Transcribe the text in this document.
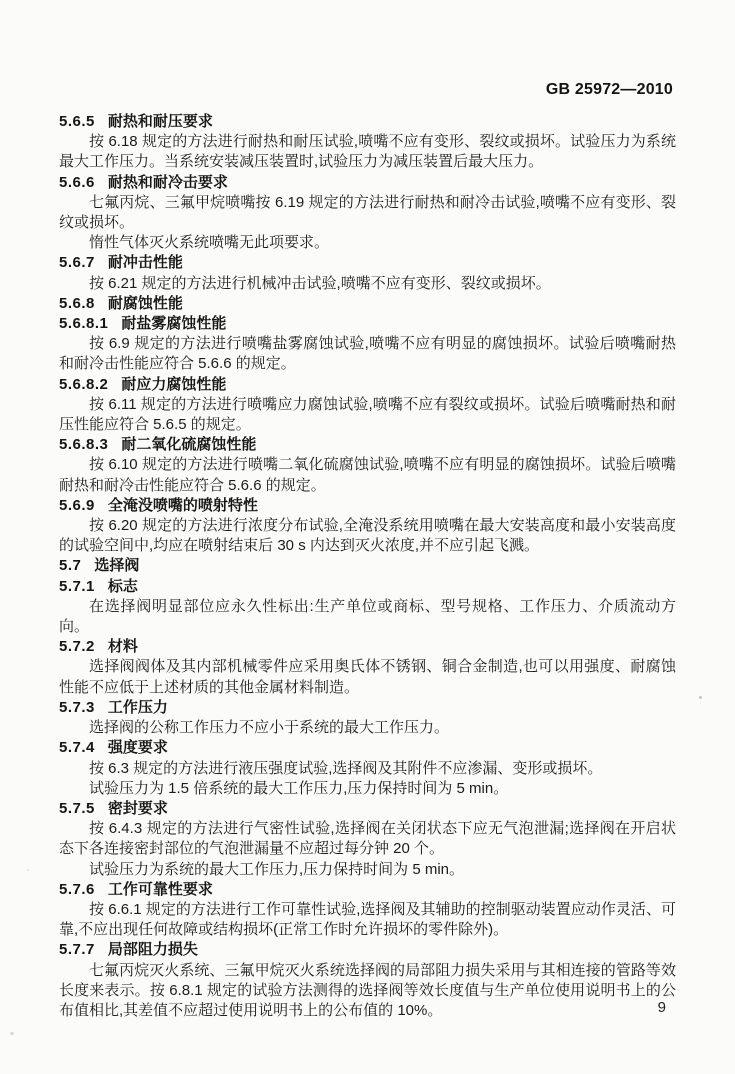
GB 25972—2010
5.6.5 耐热和耐压要求

按 6.18 规定的方法进行耐热和耐压试验,喷嘴不应有变形、裂纹或损坏。试验压力为系统最大工作压力。当系统安装减压装置时,试验压力为减压装置后最大压力。

5.6.6 耐热和耐冷击要求

七氟丙烷、三氟甲烷喷嘴按 6.19 规定的方法进行耐热和耐冷击试验,喷嘴不应有变形、裂纹或损坏。

惰性气体灭火系统喷嘴无此项要求。

5.6.7 耐冲击性能

按 6.21 规定的方法进行机械冲击试验,喷嘴不应有变形、裂纹或损坏。

5.6.8 耐腐蚀性能
5.6.8.1 耐盐雾腐蚀性能

按 6.9 规定的方法进行喷嘴盐雾腐蚀试验,喷嘴不应有明显的腐蚀损坏。试验后喷嘴耐热和耐冷击性能应符合 5.6.6 的规定。

5.6.8.2 耐应力腐蚀性能

按 6.11 规定的方法进行喷嘴应力腐蚀试验,喷嘴不应有裂纹或损坏。试验后喷嘴耐热和耐压性能应符合 5.6.5 的规定。

5.6.8.3 耐二氧化硫腐蚀性能

按 6.10 规定的方法进行喷嘴二氧化硫腐蚀试验,喷嘴不应有明显的腐蚀损坏。试验后喷嘴耐热和耐冷击性能应符合 5.6.6 的规定。

5.6.9 全淹没喷嘴的喷射特性

按 6.20 规定的方法进行浓度分布试验,全淹没系统用喷嘴在最大安装高度和最小安装高度的试验空间中,均应在喷射结束后 30 s 内达到灭火浓度,并不应引起飞溅。

5.7 选择阀
5.7.1 标志

在选择阀明显部位应永久性标出:生产单位或商标、型号规格、工作压力、介质流动方向。

5.7.2 材料

选择阀阀体及其内部机械零件应采用奥氏体不锈钢、铜合金制造,也可以用强度、耐腐蚀性能不应低于上述材质的其他金属材料制造。

5.7.3 工作压力

选择阀的公称工作压力不应小于系统的最大工作压力。

5.7.4 强度要求

按 6.3 规定的方法进行液压强度试验,选择阀及其附件不应渗漏、变形或损坏。

试验压力为 1.5 倍系统的最大工作压力,压力保持时间为 5 min。

5.7.5 密封要求

按 6.4.3 规定的方法进行气密性试验,选择阀在关闭状态下应无气泡泄漏;选择阀在开启状态下各连接密封部位的气泡泄漏量不应超过每分钟 20 个。

试验压力为系统的最大工作压力,压力保持时间为 5 min。

5.7.6 工作可靠性要求

按 6.6.1 规定的方法进行工作可靠性试验,选择阀及其辅助的控制驱动装置应动作灵活、可靠,不应出现任何故障或结构损坏(正常工作时允许损坏的零件除外)。

5.7.7 局部阻力损失

七氟丙烷灭火系统、三氟甲烷灭火系统选择阀的局部阻力损失采用与其相连接的管路等效长度来表示。按 6.8.1 规定的试验方法测得的选择阀等效长度值与生产单位使用说明书上的公布值相比,其差值不应超过使用说明书上的公布值的 10%。	9
